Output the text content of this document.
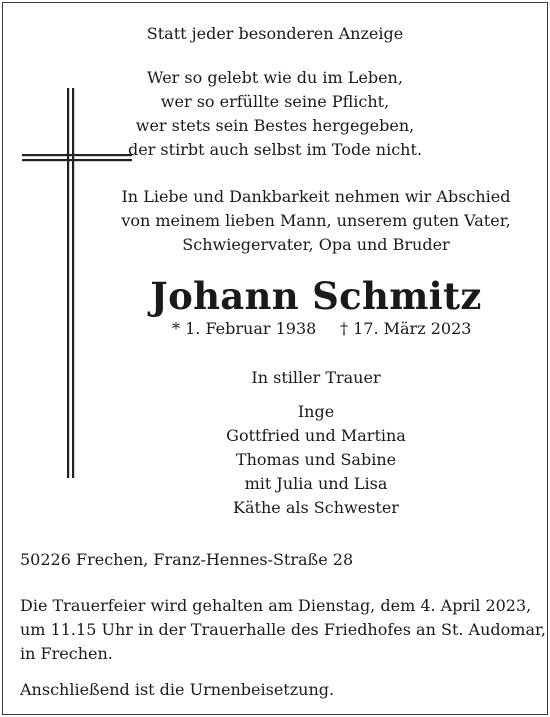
Statt jeder besonderen Anzeige
Wer so gelebt wie du im Leben,
wer so erfüllte seine Pflicht,
wer stets sein Bestes hergegeben,
der stirbt auch selbst im Tode nicht.
In Liebe und Dankbarkeit nehmen wir Abschied
von meinem lieben Mann, unserem guten Vater,
Schwiegervater, Opa und Bruder
Johann Schmitz
* 1. Februar 1938 † 17. März 2023
In stiller Trauer
Inge
Gottfried und Martina
Thomas und Sabine
mit Julia und Lisa
Käthe als Schwester
50226 Frechen, Franz-Hennes-Straße 28
Die Trauerfeier wird gehalten am Dienstag, dem 4. April 2023,
um 11.15 Uhr in der Trauerhalle des Friedhofes an St. Audomar,
in Frechen.
Anschließend ist die Urnenbeisetzung.
